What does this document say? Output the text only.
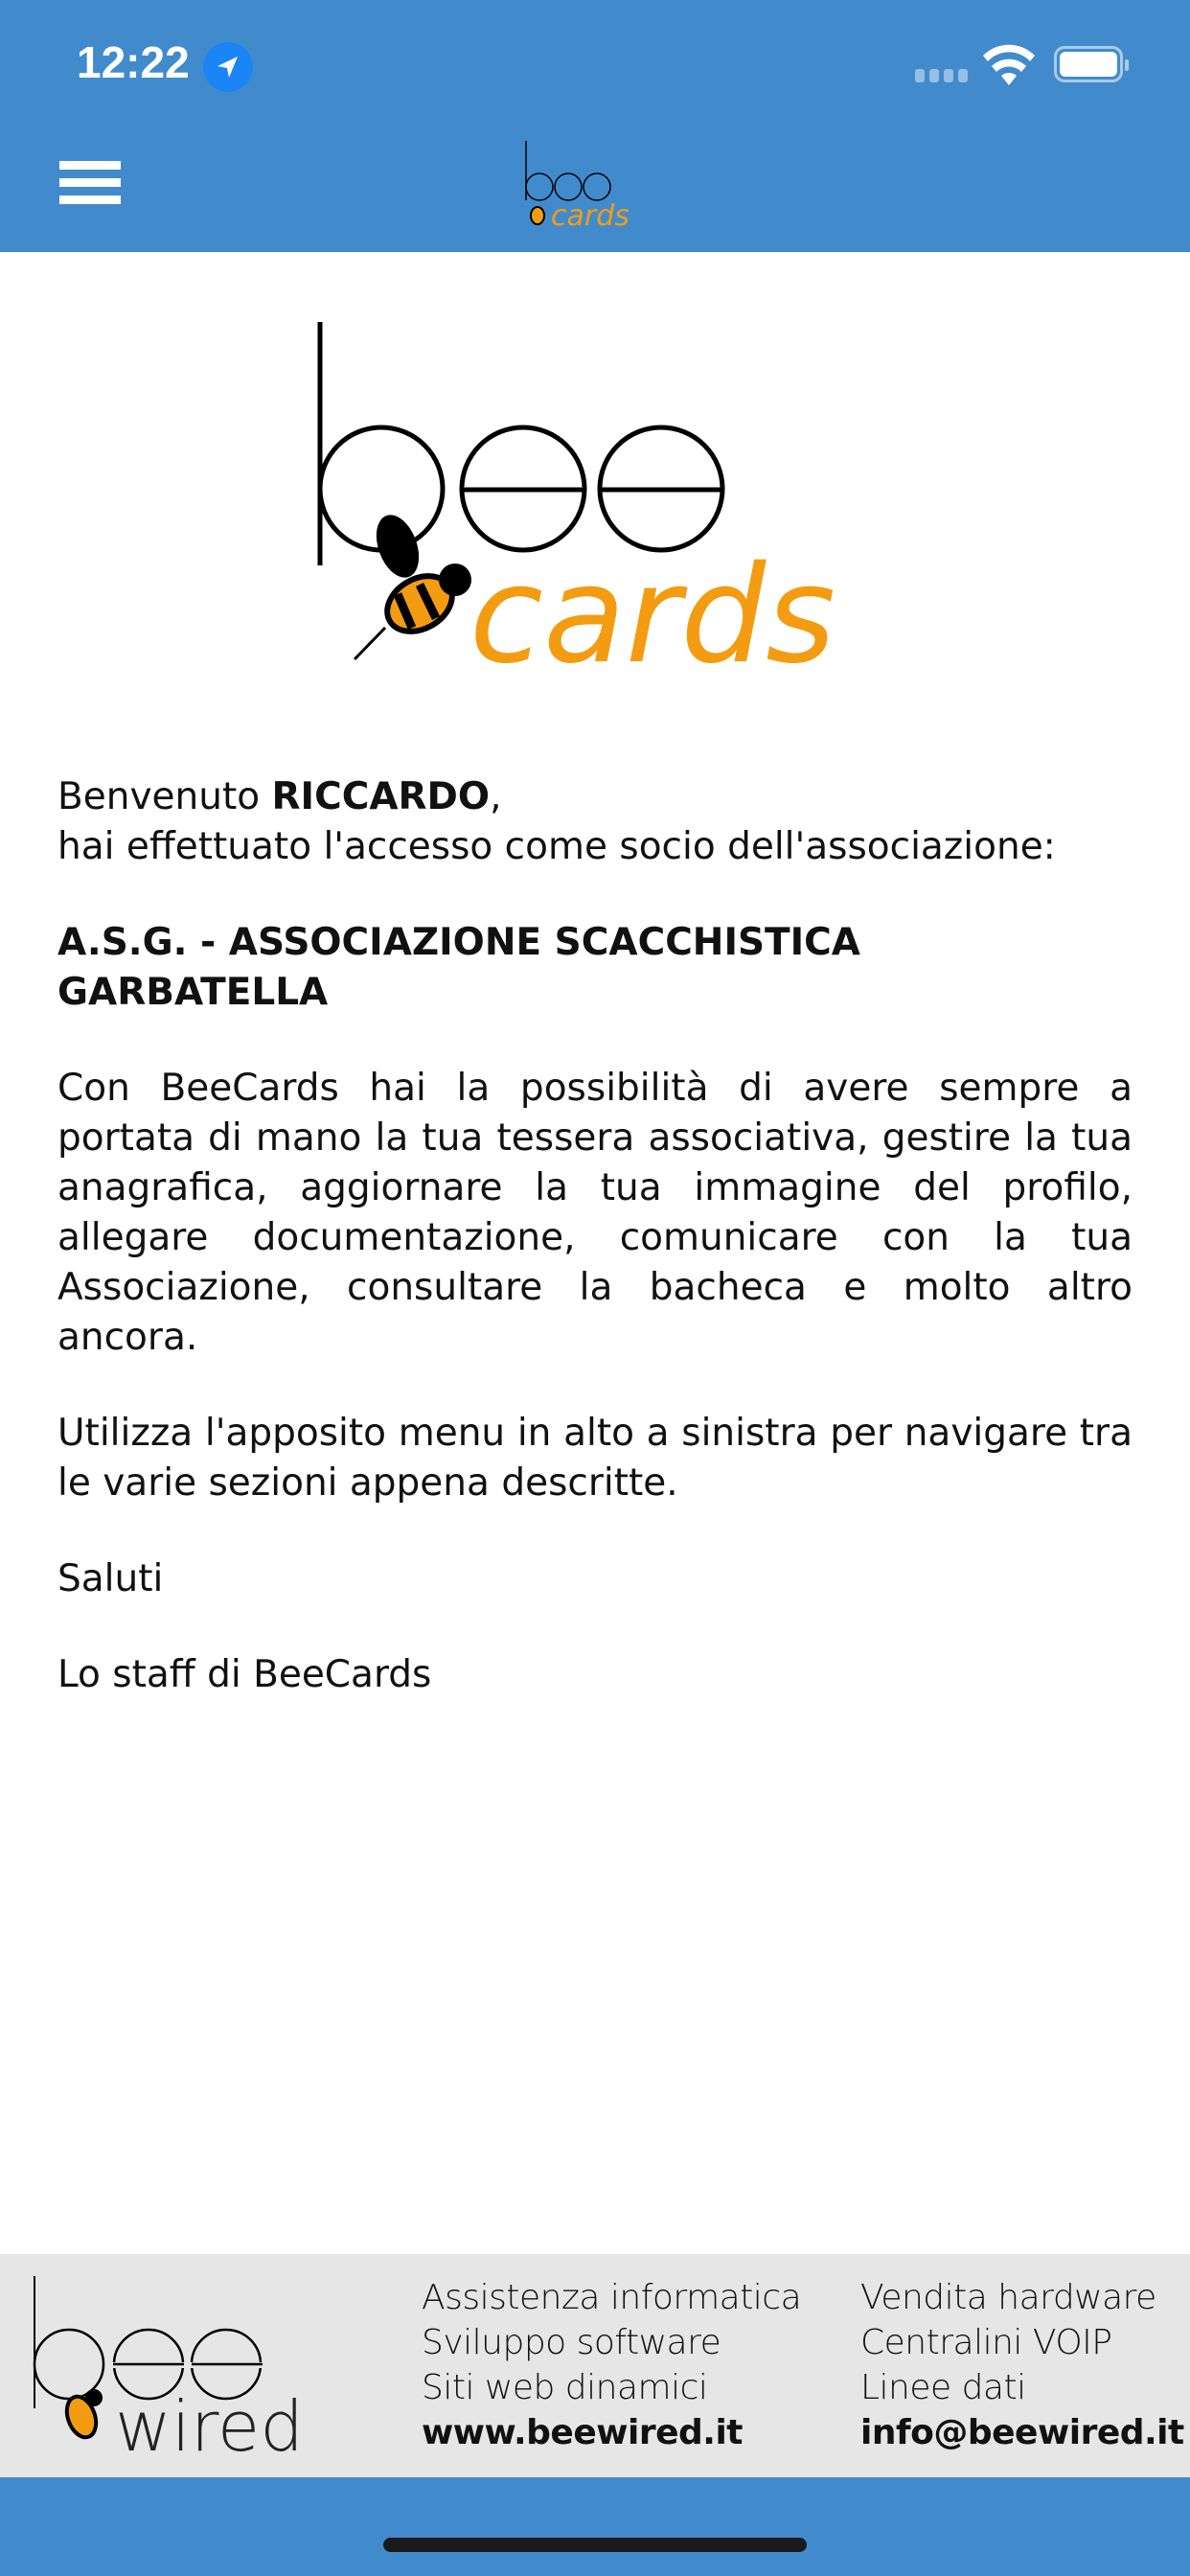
12:22
cards
cards

Benvenuto RICCARDO,
hai effettuato l'accesso come socio dell'associazione:

A.S.G. - ASSOCIAZIONE SCACCHISTICA GARBATELLA

Con BeeCards hai la possibilità di avere sempre a portata di mano la tua tessera associativa, gestire la tua anagrafica, aggiornare la tua immagine del profilo, allegare documentazione, comunicare con la tua Associazione, consultare la bacheca e molto altro ancora.

Utilizza l'apposito menu in alto a sinistra per navigare tra le varie sezioni appena descritte.

Saluti

Lo staff di BeeCards

wired
Assistenza informatica
Sviluppo software
Siti web dinamici
www.beewired.it
Vendita hardware
Centralini VOIP
Linee dati
info@beewired.it
